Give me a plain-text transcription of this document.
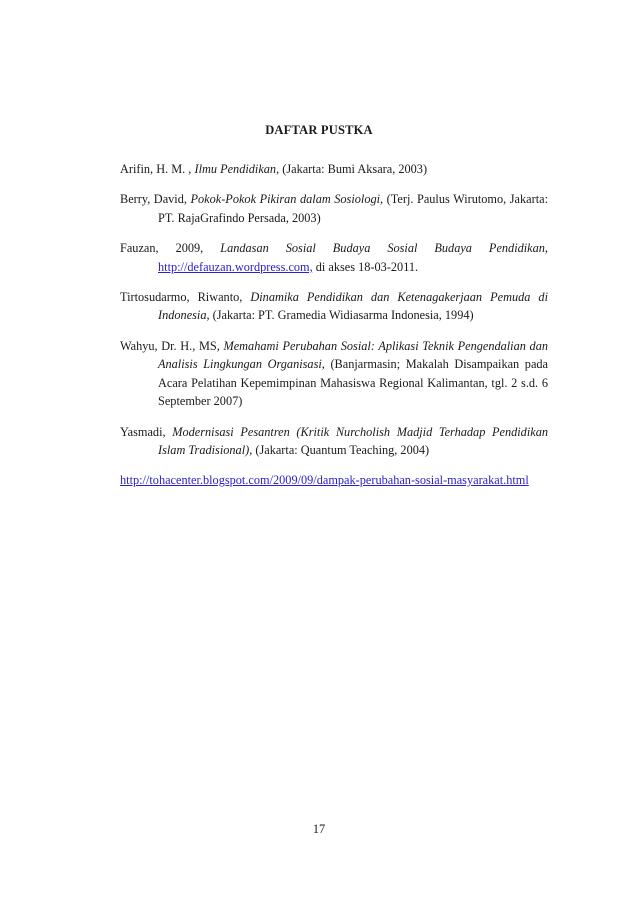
DAFTAR PUSTKA

Arifin, H. M. , Ilmu Pendidikan, (Jakarta: Bumi Aksara, 2003)

Berry, David, Pokok-Pokok Pikiran dalam Sosiologi, (Terj. Paulus Wirutomo, Jakarta: PT. RajaGrafindo Persada, 2003)

Fauzan, 2009, Landasan Sosial Budaya Sosial Budaya Pendidikan, http://defauzan.wordpress.com, di akses 18-03-2011.

Tirtosudarmo, Riwanto, Dinamika Pendidikan dan Ketenagakerjaan Pemuda di Indonesia, (Jakarta: PT. Gramedia Widiasarma Indonesia, 1994)

Wahyu, Dr. H., MS, Memahami Perubahan Sosial: Aplikasi Teknik Pengendalian dan Analisis Lingkungan Organisasi, (Banjarmasin; Makalah Disampaikan pada Acara Pelatihan Kepemimpinan Mahasiswa Regional Kalimantan, tgl. 2 s.d. 6 September 2007)

Yasmadi, Modernisasi Pesantren (Kritik Nurcholish Madjid Terhadap Pendidikan Islam Tradisional), (Jakarta: Quantum Teaching, 2004)

http://tohacenter.blogspot.com/2009/09/dampak-perubahan-sosial-masyarakat.html

17
